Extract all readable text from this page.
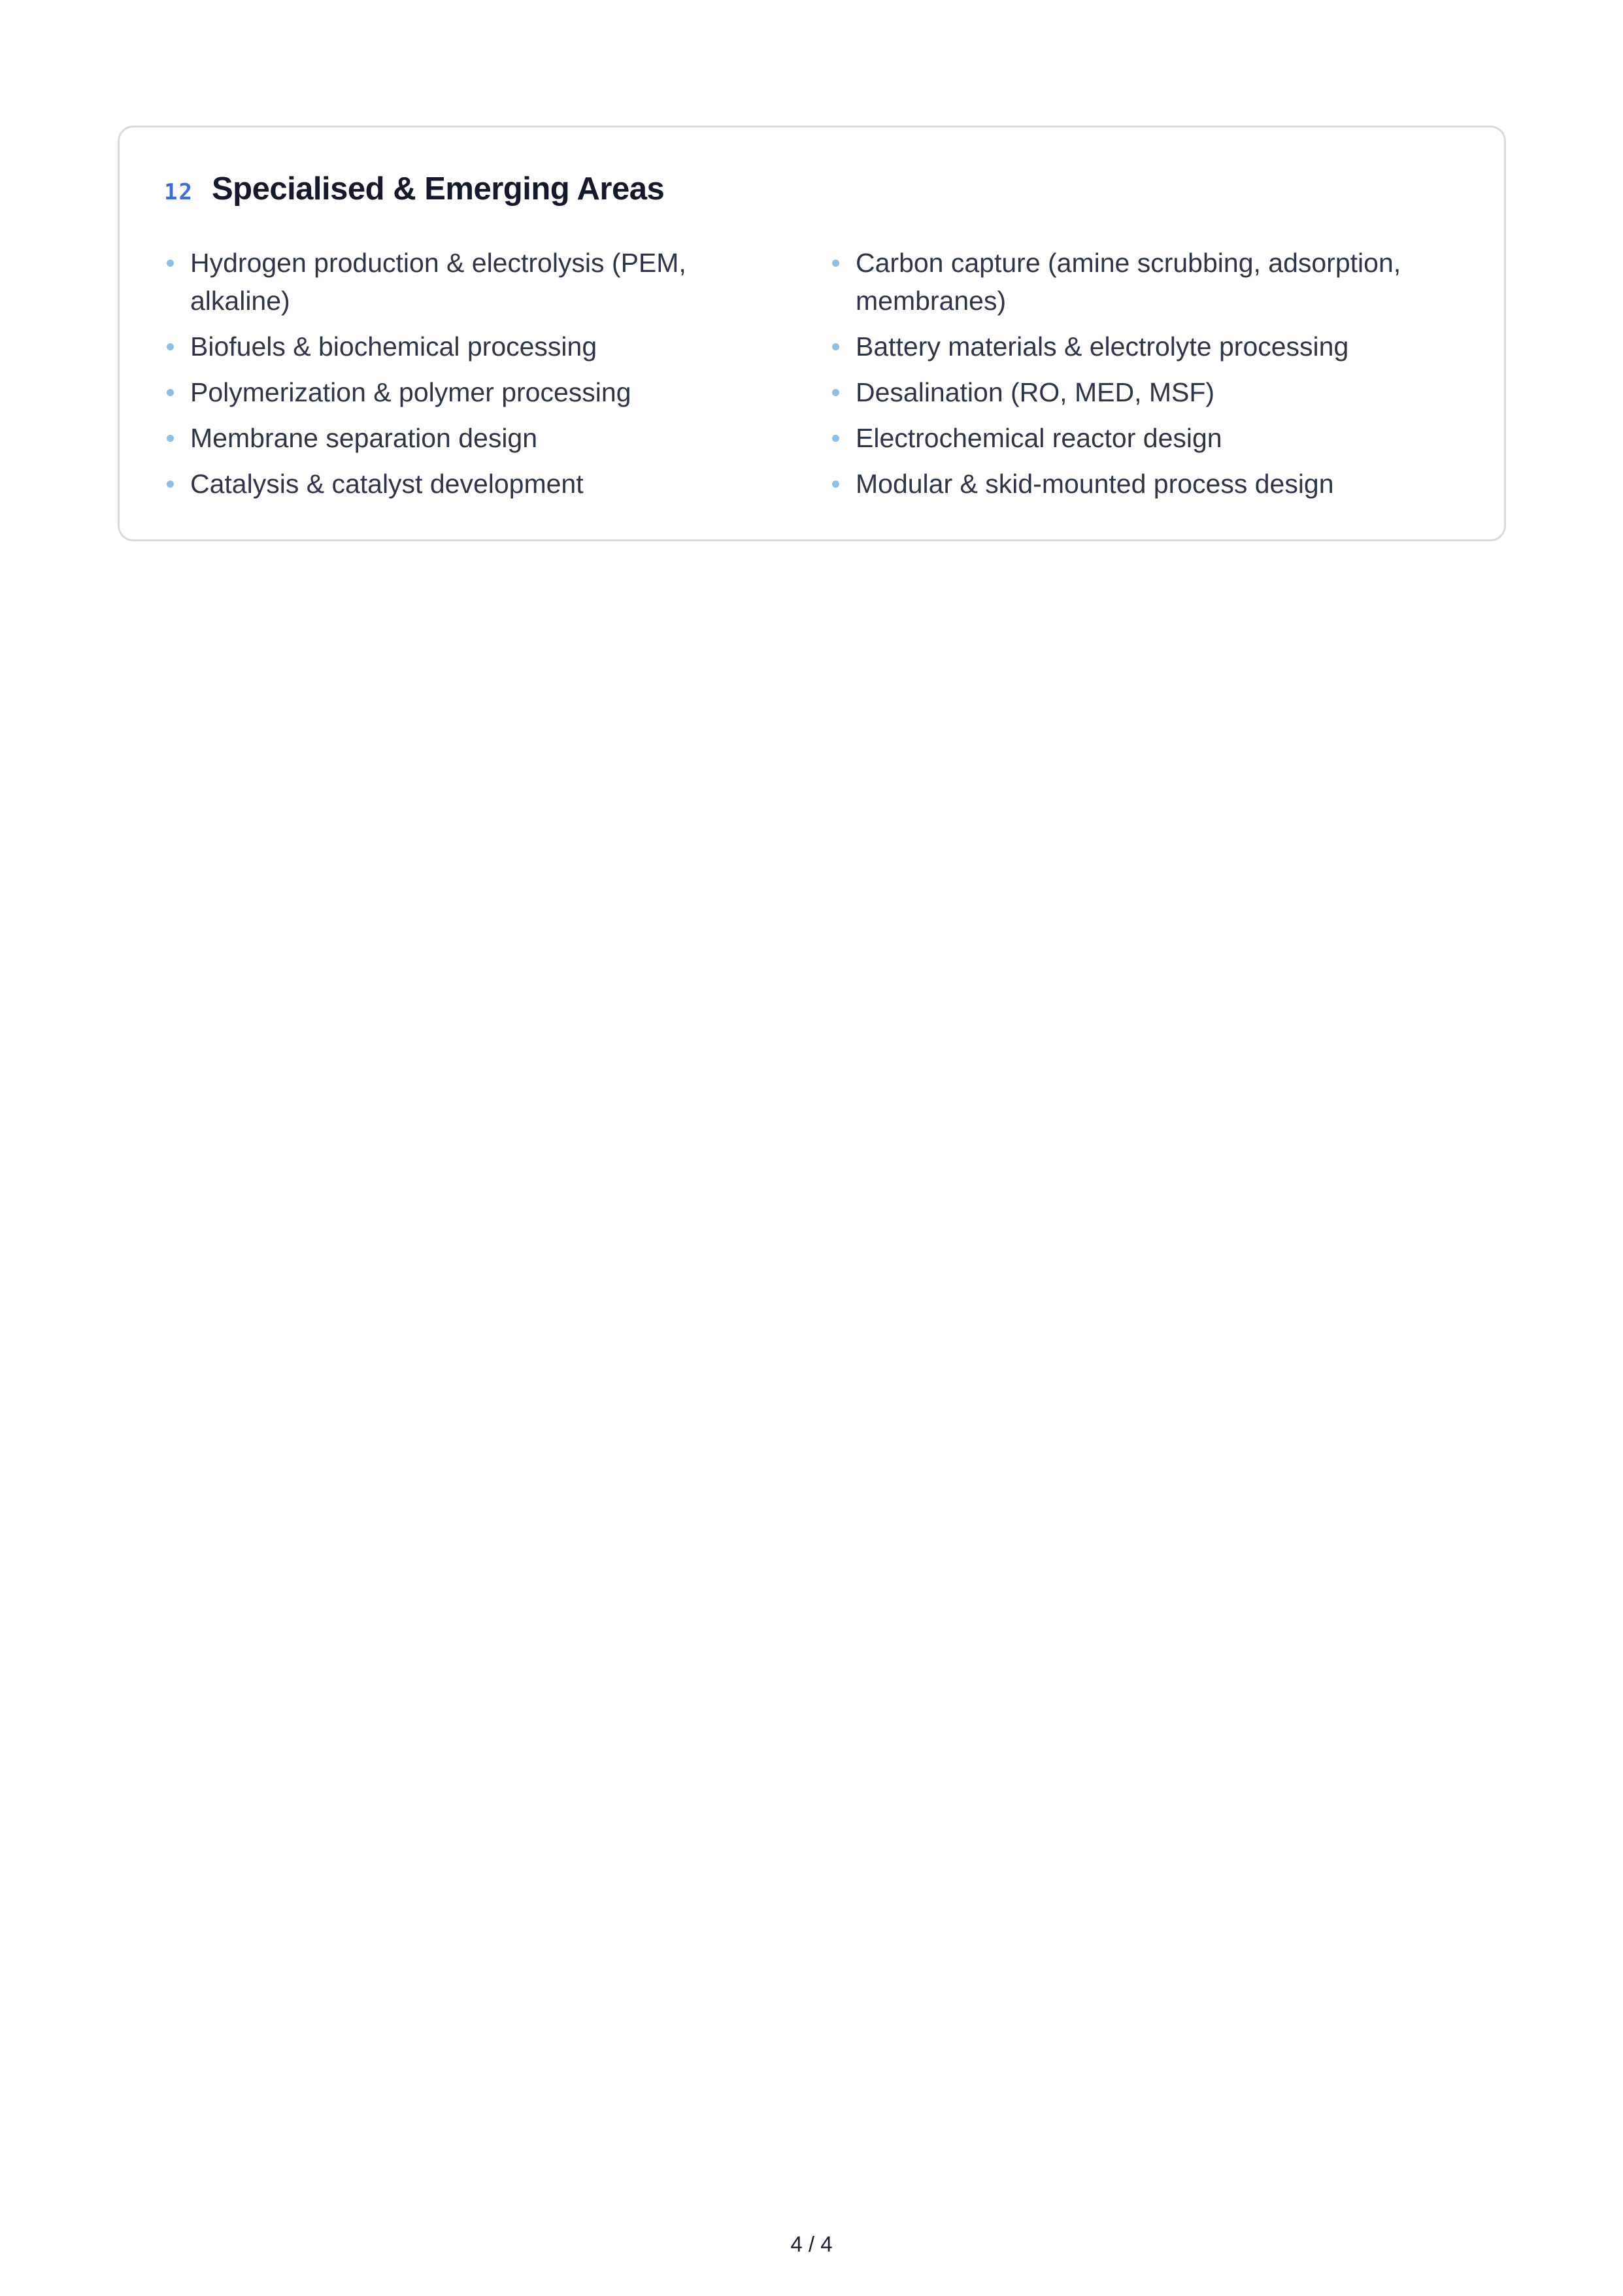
12 Specialised & Emerging Areas
Hydrogen production & electrolysis (PEM, alkaline)
Biofuels & biochemical processing
Polymerization & polymer processing
Membrane separation design
Catalysis & catalyst development
Carbon capture (amine scrubbing, adsorption, membranes)
Battery materials & electrolyte processing
Desalination (RO, MED, MSF)
Electrochemical reactor design
Modular & skid-mounted process design
4 / 4
